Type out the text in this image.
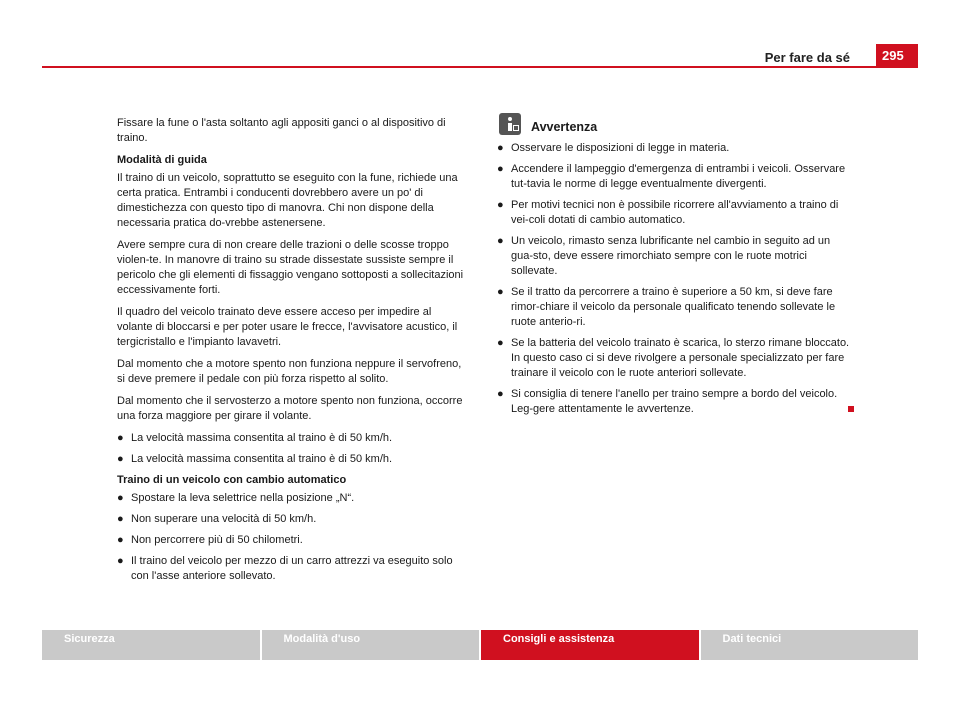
Per fare da sé	295

Fissare la fune o l'asta soltanto agli appositi ganci o al dispositivo di traino.

Modalità di guida

Il traino di un veicolo, soprattutto se eseguito con la fune, richiede una certa pratica. Entrambi i conducenti dovrebbero avere un po' di dimestichezza con questo tipo di manovra. Chi non dispone della necessaria pratica do-vrebbe astenersene.

Avere sempre cura di non creare delle trazioni o delle scosse troppo violen-te. In manovre di traino su strade dissestate sussiste sempre il pericolo che gli elementi di fissaggio vengano sottoposti a sollecitazioni eccessivamente forti.

Il quadro del veicolo trainato deve essere acceso per impedire al volante di bloccarsi e per poter usare le frecce, l'avvisatore acustico, il tergicristallo e l'impianto lavavetri.

Dal momento che a motore spento non funziona neppure il servofreno, si deve premere il pedale con più forza rispetto al solito.

Dal momento che il servosterzo a motore spento non funziona, occorre una forza maggiore per girare il volante.

● La velocità massima consentita al traino è di 50 km/h.
● La velocità massima consentita al traino è di 50 km/h.
Traino di un veicolo con cambio automatico
● Spostare la leva selettrice nella posizione „N“.
● Non superare una velocità di 50 km/h.
● Non percorrere più di 50 chilometri.
● Il traino del veicolo per mezzo di un carro attrezzi va eseguito solo con l'asse anteriore sollevato.
Avvertenza
● Osservare le disposizioni di legge in materia.
● Accendere il lampeggio d'emergenza di entrambi i veicoli. Osservare tut-tavia le norme di legge eventualmente divergenti.
● Per motivi tecnici non è possibile ricorrere all'avviamento a traino di vei-coli dotati di cambio automatico.
● Un veicolo, rimasto senza lubrificante nel cambio in seguito ad un gua-sto, deve essere rimorchiato sempre con le ruote motrici sollevate.
● Se il tratto da percorrere a traino è superiore a 50 km, si deve fare rimor-chiare il veicolo da personale qualificato tenendo sollevate le ruote anterio-ri.
● Se la batteria del veicolo trainato è scarica, lo sterzo rimane bloccato. In questo caso ci si deve rivolgere a personale specializzato per fare trainare il veicolo con le ruote anteriori sollevate.
● Si consiglia di tenere l'anello per traino sempre a bordo del veicolo. Leg-gere attentamente le avvertenze.
Sicurezza	Modalità d'uso	Consigli e assistenza	Dati tecnici
